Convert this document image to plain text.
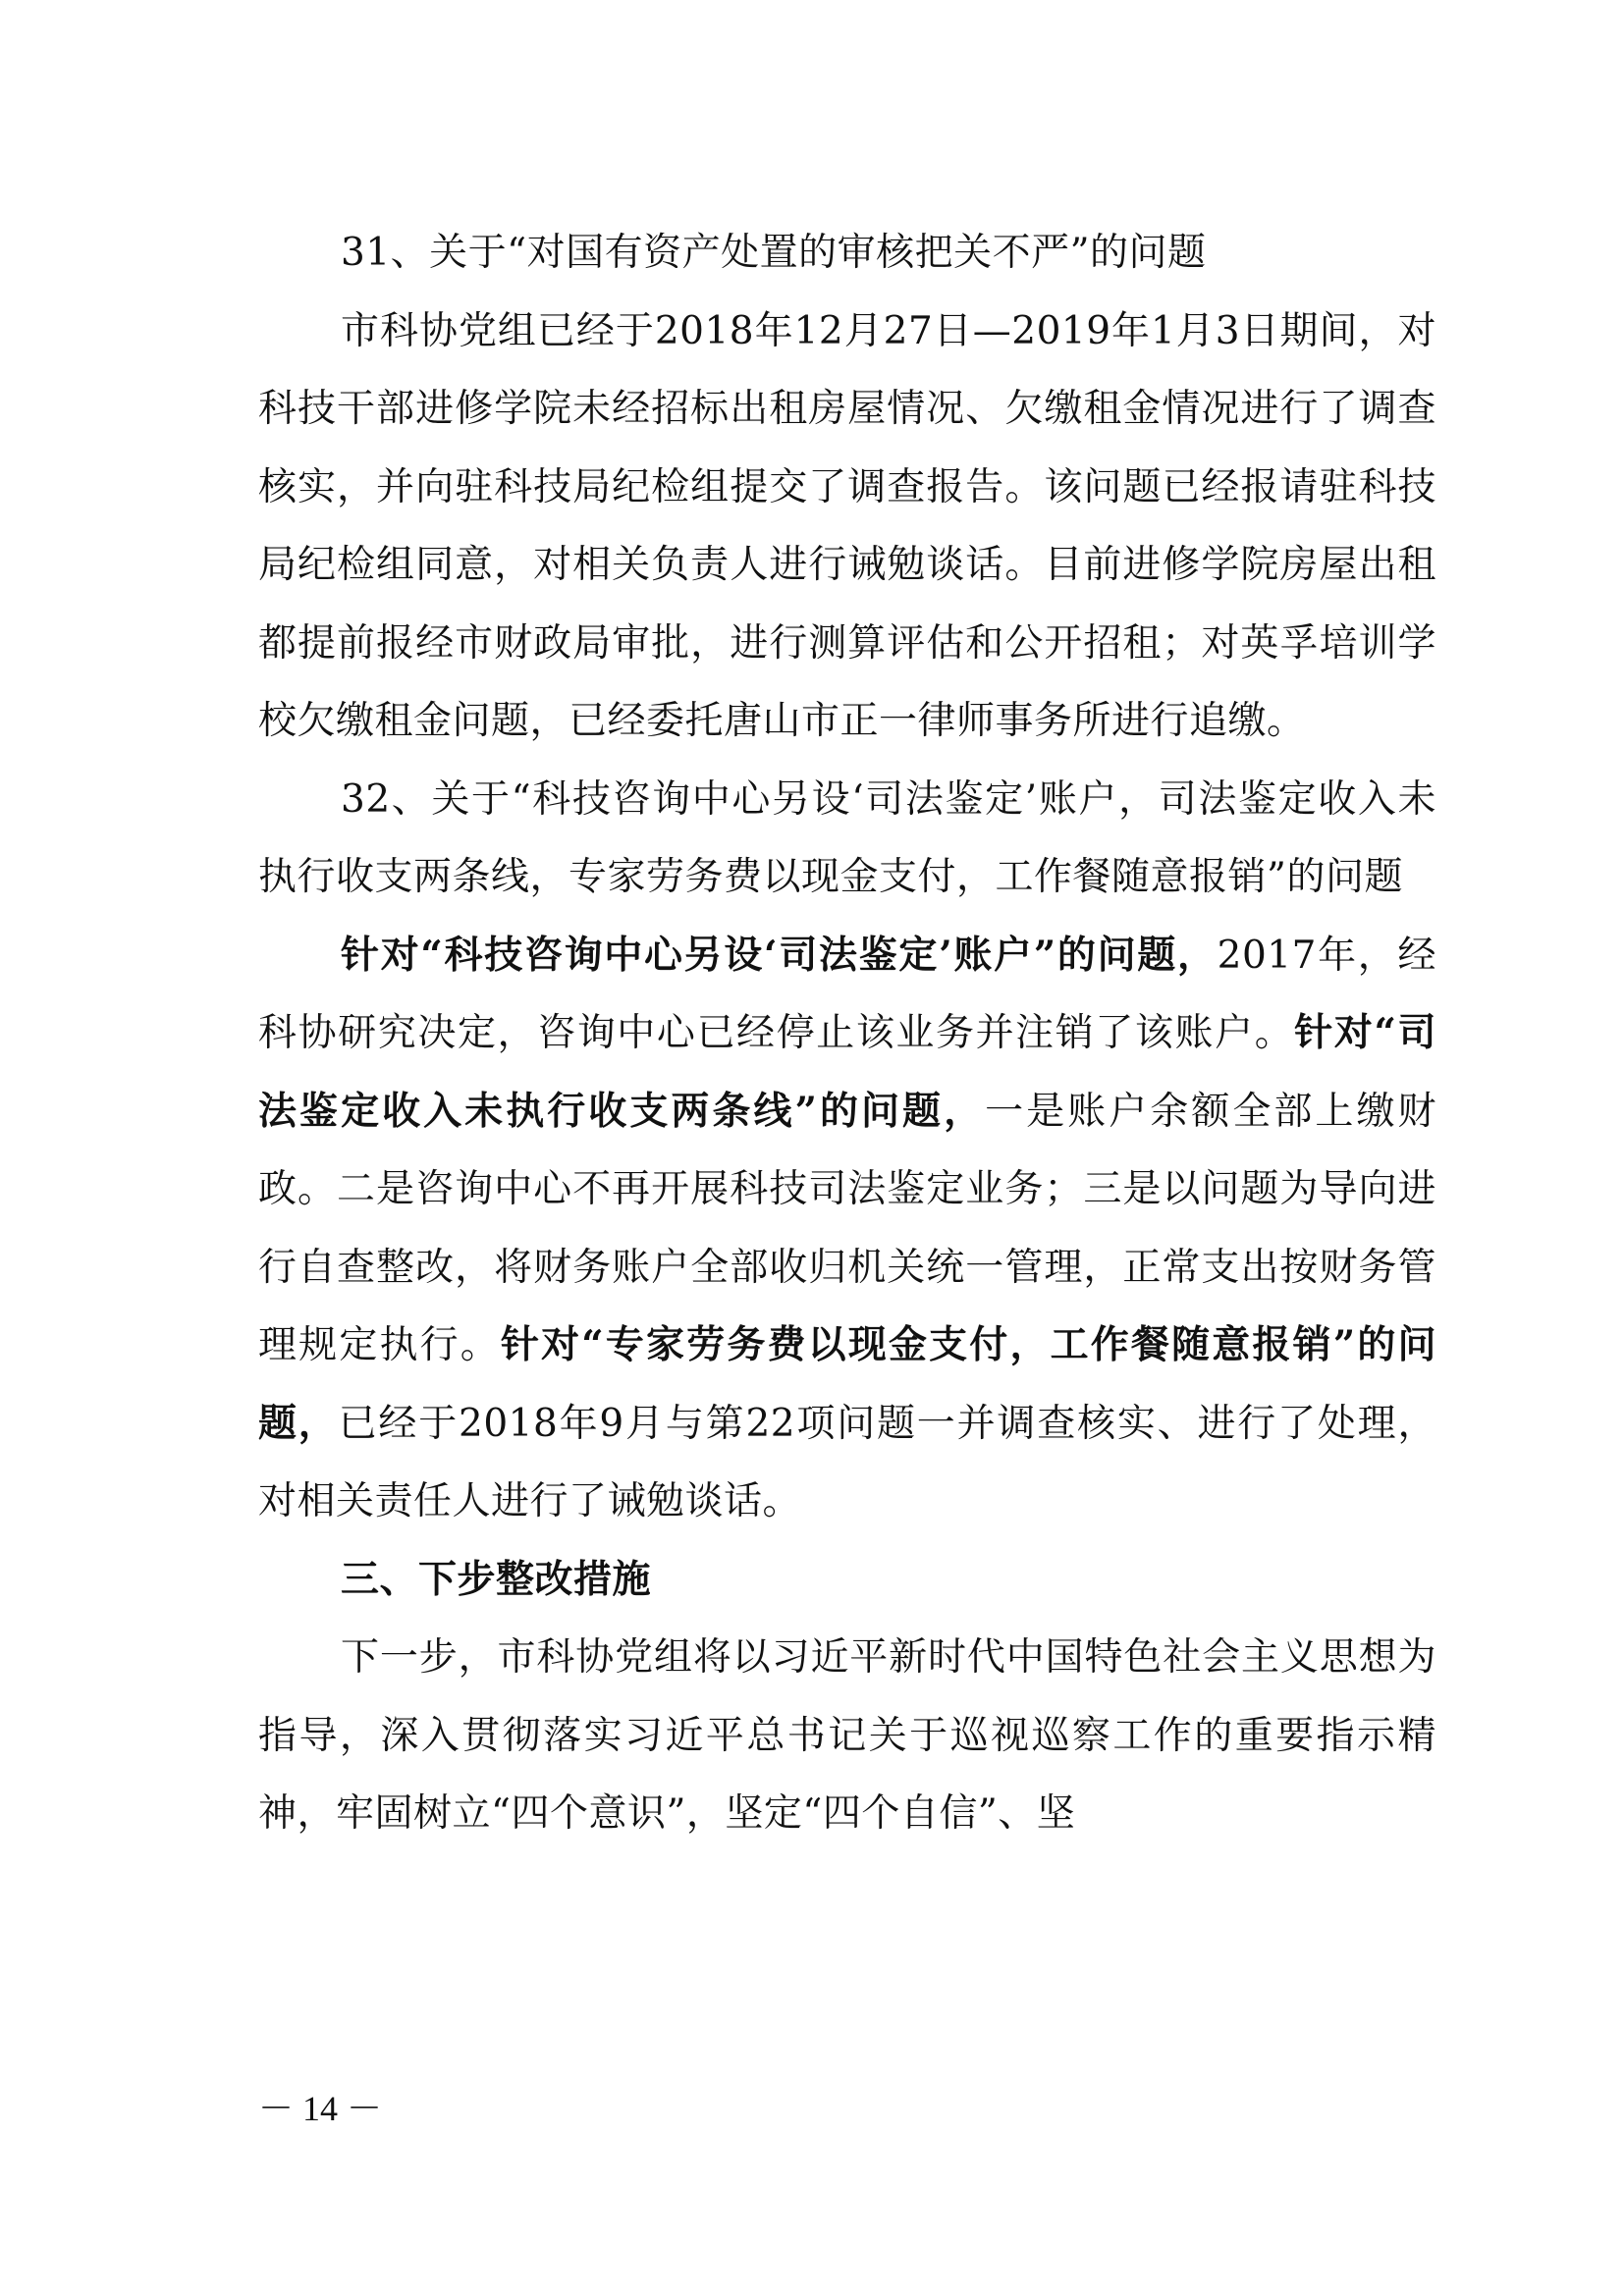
31、关于“对国有资产处置的审核把关不严”的问题

市科协党组已经于2018年12月27日—2019年1月3日期间，对科技干部进修学院未经招标出租房屋情况、欠缴租金情况进行了调查核实，并向驻科技局纪检组提交了调查报告。该问题已经报请驻科技局纪检组同意，对相关负责人进行诫勉谈话。目前进修学院房屋出租都提前报经市财政局审批，进行测算评估和公开招租；对英孚培训学校欠缴租金问题，已经委托唐山市正一律师事务所进行追缴。

32、关于“科技咨询中心另设‘司法鉴定’账户，司法鉴定收入未执行收支两条线，专家劳务费以现金支付，工作餐随意报销”的问题

针对“科技咨询中心另设‘司法鉴定’账户”的问题，2017年，经科协研究决定，咨询中心已经停止该业务并注销了该账户。针对“司法鉴定收入未执行收支两条线”的问题，一是账户余额全部上缴财政。二是咨询中心不再开展科技司法鉴定业务；三是以问题为导向进行自查整改，将财务账户全部收归机关统一管理，正常支出按财务管理规定执行。针对“专家劳务费以现金支付，工作餐随意报销”的问题，已经于2018年9月与第22项问题一并调查核实、进行了处理，对相关责任人进行了诫勉谈话。

三、下步整改措施

下一步，市科协党组将以习近平新时代中国特色社会主义思想为指导，深入贯彻落实习近平总书记关于巡视巡察工作的重要指示精神，牢固树立“四个意识”，坚定“四个自信”、坚

－ 14 －
